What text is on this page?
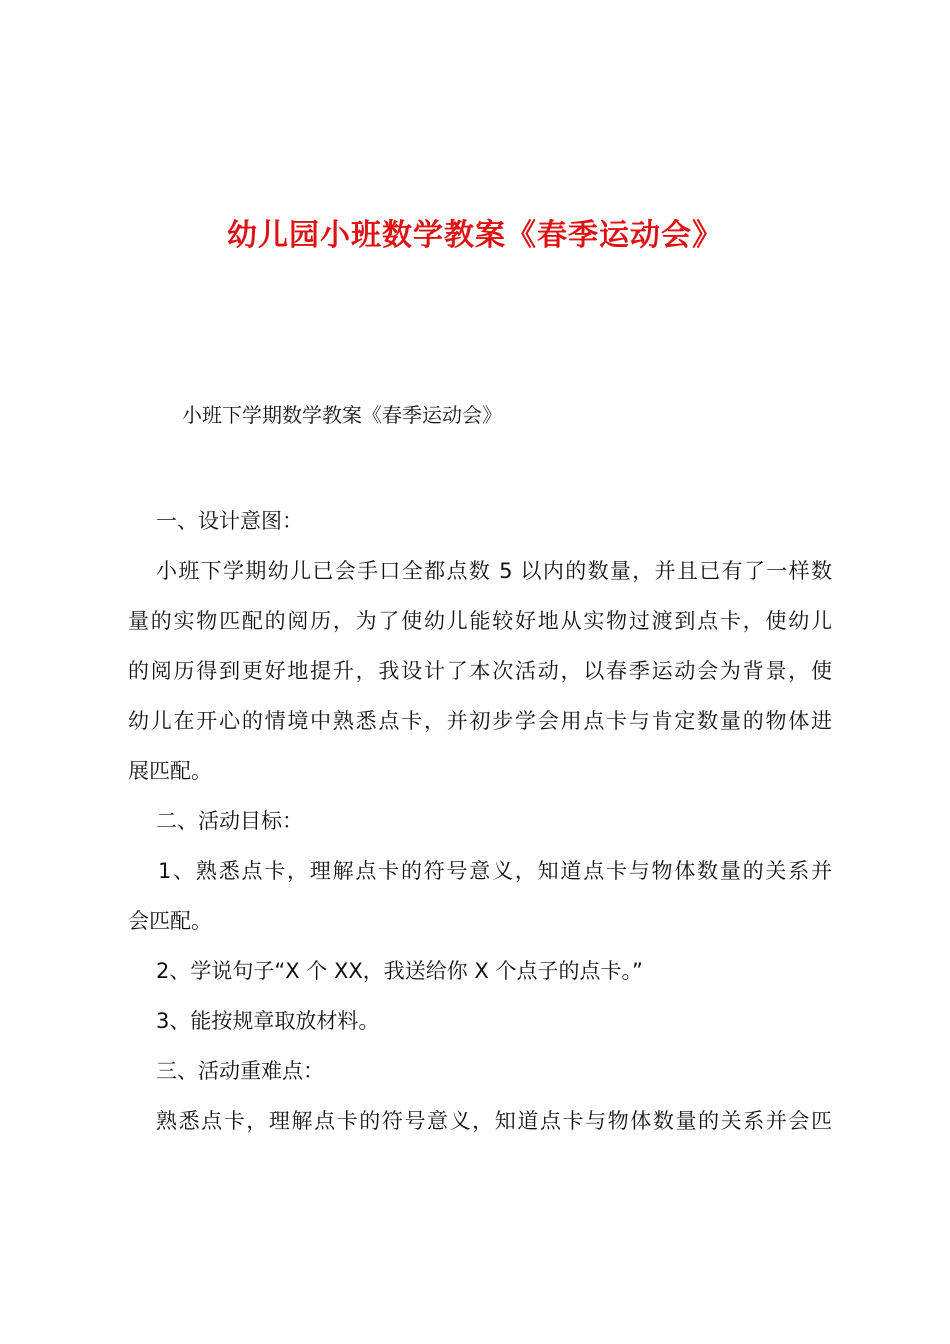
幼儿园小班数学教案《春季运动会》
小班下学期数学教案《春季运动会》
一、设计意图：
小班下学期幼儿已会手口全都点数 5 以内的数量，并且已有了一样数
量的实物匹配的阅历，为了使幼儿能较好地从实物过渡到点卡，使幼儿
的阅历得到更好地提升，我设计了本次活动，以春季运动会为背景，使
幼儿在开心的情境中熟悉点卡，并初步学会用点卡与肯定数量的物体进
展匹配。
二、活动目标：
1、熟悉点卡，理解点卡的符号意义，知道点卡与物体数量的关系并
会匹配。
2、学说句子“X 个 XX，我送给你 X 个点子的点卡。”
3、能按规章取放材料。
三、活动重难点：
熟悉点卡，理解点卡的符号意义，知道点卡与物体数量的关系并会匹
